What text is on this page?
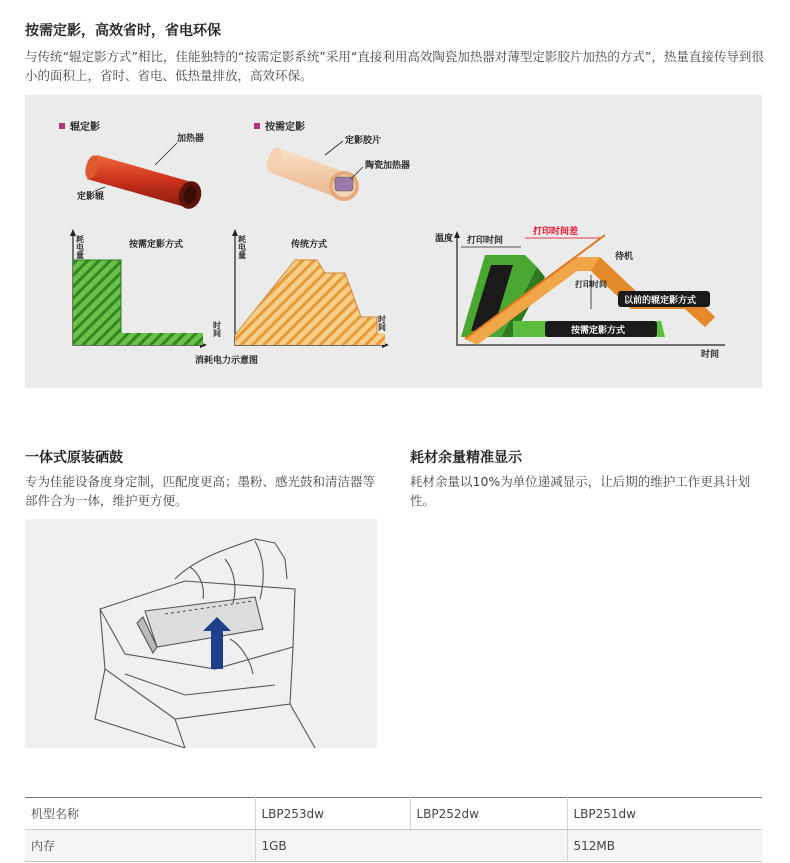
按需定影，高效省时，省电环保
与传统“辊定影方式”相比，佳能独特的“按需定影系统”采用“直接利用高效陶瓷加热器对薄型定影胶片加热的方式”，热量直接传导到很小的面积上，省时、省电、低热量排放，高效环保。
辊定影
加热器
定影辊
按需定影
定影胶片
陶瓷加热器
耗电量	按需定影方式
时间
耗电量	传统方式
时间
消耗电力示意图
温度
时间
打印时间
打印时间差
待机
打印时间
以前的辊定影方式
按需定影方式
一体式原装硒鼓
专为佳能设备度身定制，匹配度更高；墨粉、感光鼓和清洁器等部件合为一体，维护更方便。
耗材余量精准显示
耗材余量以10%为单位递减显示，让后期的维护工作更具计划性。
机型名称	LBP253dw	LBP252dw	LBP251dw
内存	1GB		512MB
